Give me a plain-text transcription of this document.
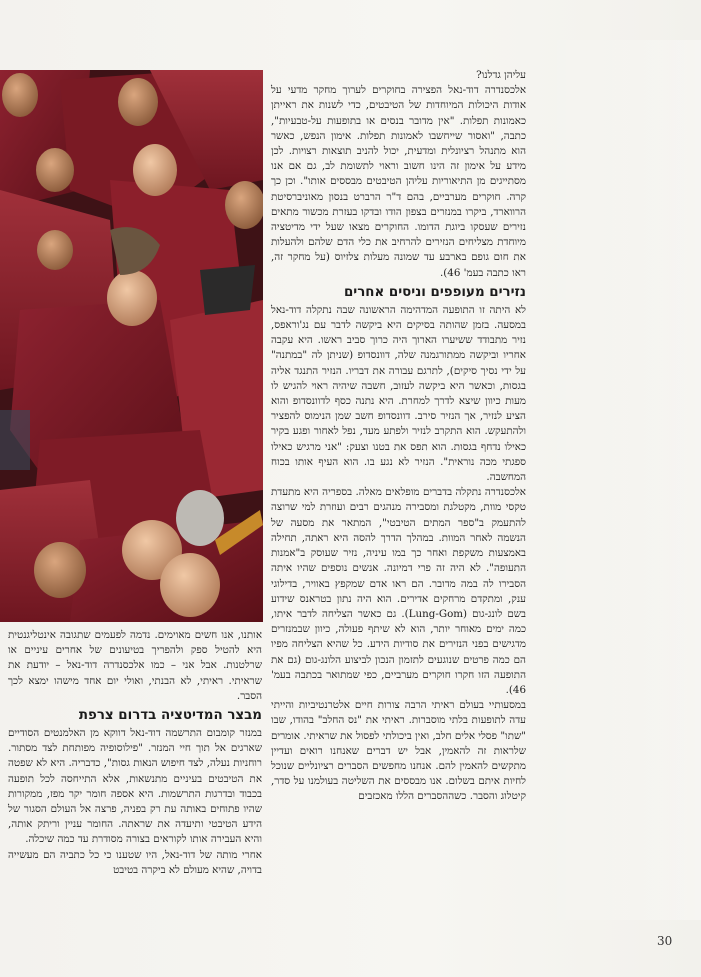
עליהן גדלנו?

אלכסנדרה דוד-נאל הפצירה בחוקרים לערוך מחקר מדעי על אודות היכולות המיוחדות של הטיבטים, כדי לשנות את ראייתן כאמונות תפלות. "אין מדובר בנסים או בתופעות על-טבעיות", כתבה, "ואסור שייחשבו לאמונות תפלות. אימון הנפש, כאשר הוא מתנהל רציונלית ומדעית, יכול להניב תוצאות רצויות. לכן מידע על אימון זה הינו חשוב וראוי לתשומת לב, גם אם אנו מסתייגים מן התיאוריות עליהן הטיבטים מבססים אותו". וכן כך קרה. חוקרים מערביים, בהם ד"ר הרברט בנסון מאוניברסיטת הרווארד, ביקרו במנזרים בצפון הודו ובדקו בעזרת מכשור מתאים נזירים שעסקו ביוגת הדומו. החוקרים מצאו שעל ידי מדיטציה מיוחדת מצליחים הנזירים להרחיב את כלי הדם שלהם ולהעלות את חום גופם בארבע עד שמונה מעלות צלזיוס (על מחקר זה, ראו כתבה בעמ' 46).

נזירים מעופפים וניסים אחרים

לא היתה זו התופעה המדהימה הראשונה שבה נתקלה דוד-נאל במסעה. בזמן שהותה בסיקים היא ביקשה לדבר עם נג'וראפס, נזיר מתבודד ששיערו הארוך היה כרוך סביב ראשו. היא עקבה אחריו וביקשה ממתורגמנה שלה, דוונסדופ (שניתן לה "במתנה" על ידי נסיך סיקים), לתרגם עבורה את דבריו. הנזיר התנגד אליה בגסות, וכאשר היא ביקשה לעזוב, חשבה שיהיה ראוי להגיש לו מעות כיוון שיצא לדרך למחרת. היא נתנה כסף לדוונסדופ והוא הציע לנזיר, אך הנזיר סירב. דוונסדופ חשב שמן הנימוס להפציר ולהתעקש. הוא התקרב לנזיר ולפתע מעד, נפל לאחור ופגע בקיר כאילו נדחף בגסות. הוא תפס את בטנו וצעק: "אני מרגיש כאילו ספגתי מכה נוראית". הנזיר לא נגע בו. הוא העיף אותו בכוח המחשבה.

אלכסנדרה נתקלה בדברים מופלאים מאלה. בספריה היא מתעדת טקסי מוות, מקטלגת ומסבירה מנהגים רבים ועוזרת למי שרוצה להתעמק ב"ספר המתים הטיבטי", המתאר את מסעה של הנשמה לאחר המוות. במהלך הדרך להסה היא ראתה, תחילה באמצעות משקפת ואחר כך במו עיניה, נזיר שעוסק ב"אמנות התעופה". לא היה זה פרי דמיונה. אנשים נוספים שהיו איתה הסבירו לה במה מדובר. הם ראו אדם שמקפץ באוויר, בדילוגי ענק, ומתקדם מרחקים אדירים. הוא היה נתון בטראנס שידוע בשם לונג-גום (Lung-Gom). גם כאשר הצליחה לדבר איתו, כמה ימים מאוחר יותר, הוא לא שיתף פעולה, כיוון שבמנזרים מדגישים בפני הנזירים את סודיות הידע. כל שהיא הצליחה מפיו הם כמה פרטים שנוגעים לתזמון הנכון לביצוע הלונג-גום (גם את התופעה הזו חקרו חוקרים מערביים, כפי שמתואר בכתבה בעמ' 46).

במסעותיי בעולם ראיתי הרבה צורות חיים אלטרנטיביות והייתי עדה לתופעות בלתי מוסברות. ראיתי את "נס החלב" בהודו, שבו "שתו" פסלי אלים חלב, ואין ביכולתי לפסול את שראיתי. אומרים שלראות זה להאמין, אבל יש דברים שאנחנו רואים ועדיין מתקשים להאמין להם. אנחנו מחפשים הסברים רציונליים שנוכל לחיות איתם בשלום. אנו מבססים את השליטה בעולמנו על סדר, קיטלוג והסבר. כשההסברים הללו מאכזבים

אותנו, אנו חשים מאוימים. נדמה לפעמים שתגובה אינטליגנטית היא להטיל ספק ולהפריך בטיעונים של אחרים עיניים או שרלטנות. אבל אני – כמו אלכסנדרה דוד-נאל – יודעת את שראיתי. ראיתי, לא הבנתי, ואולי יום אחד מישהו ימצא לכך הסבר.

מבצר המדיטציה בדרום צרפת

במנזר קומבום התרשמה דוד-נאל דווקא מן האלמנטים הסודיים שארגים אל תוך חיי המנזר. "פילוסופיה מפותחת לצד מסתור. רוחניות נעלה, לצד חיפוש הנאות גסות", כדבריה. היא לא שפטה את הטיבטים בעיניים מתנשאות, אלא התייחסה לכל תופעה בכבוד ובדרגות התרשמות. היא אספה חומר יקר מפז, ממקורות שהיו פתוחים באותה עת רק בפניה, פרצה אל העולם הסגור של הידע הטיבטי ותיעדה את שראתה. החומר עניין וריתק אותה, והיא העבירה אותו לקוראים בצורה מסודרת עד כמה שיכלה.

אחרי מותה של דוד-נאל, היו שטענו כי כל כתביה הם מעשייה בדויה, שהיא מעולם לא ביקרה בטיבט

30
